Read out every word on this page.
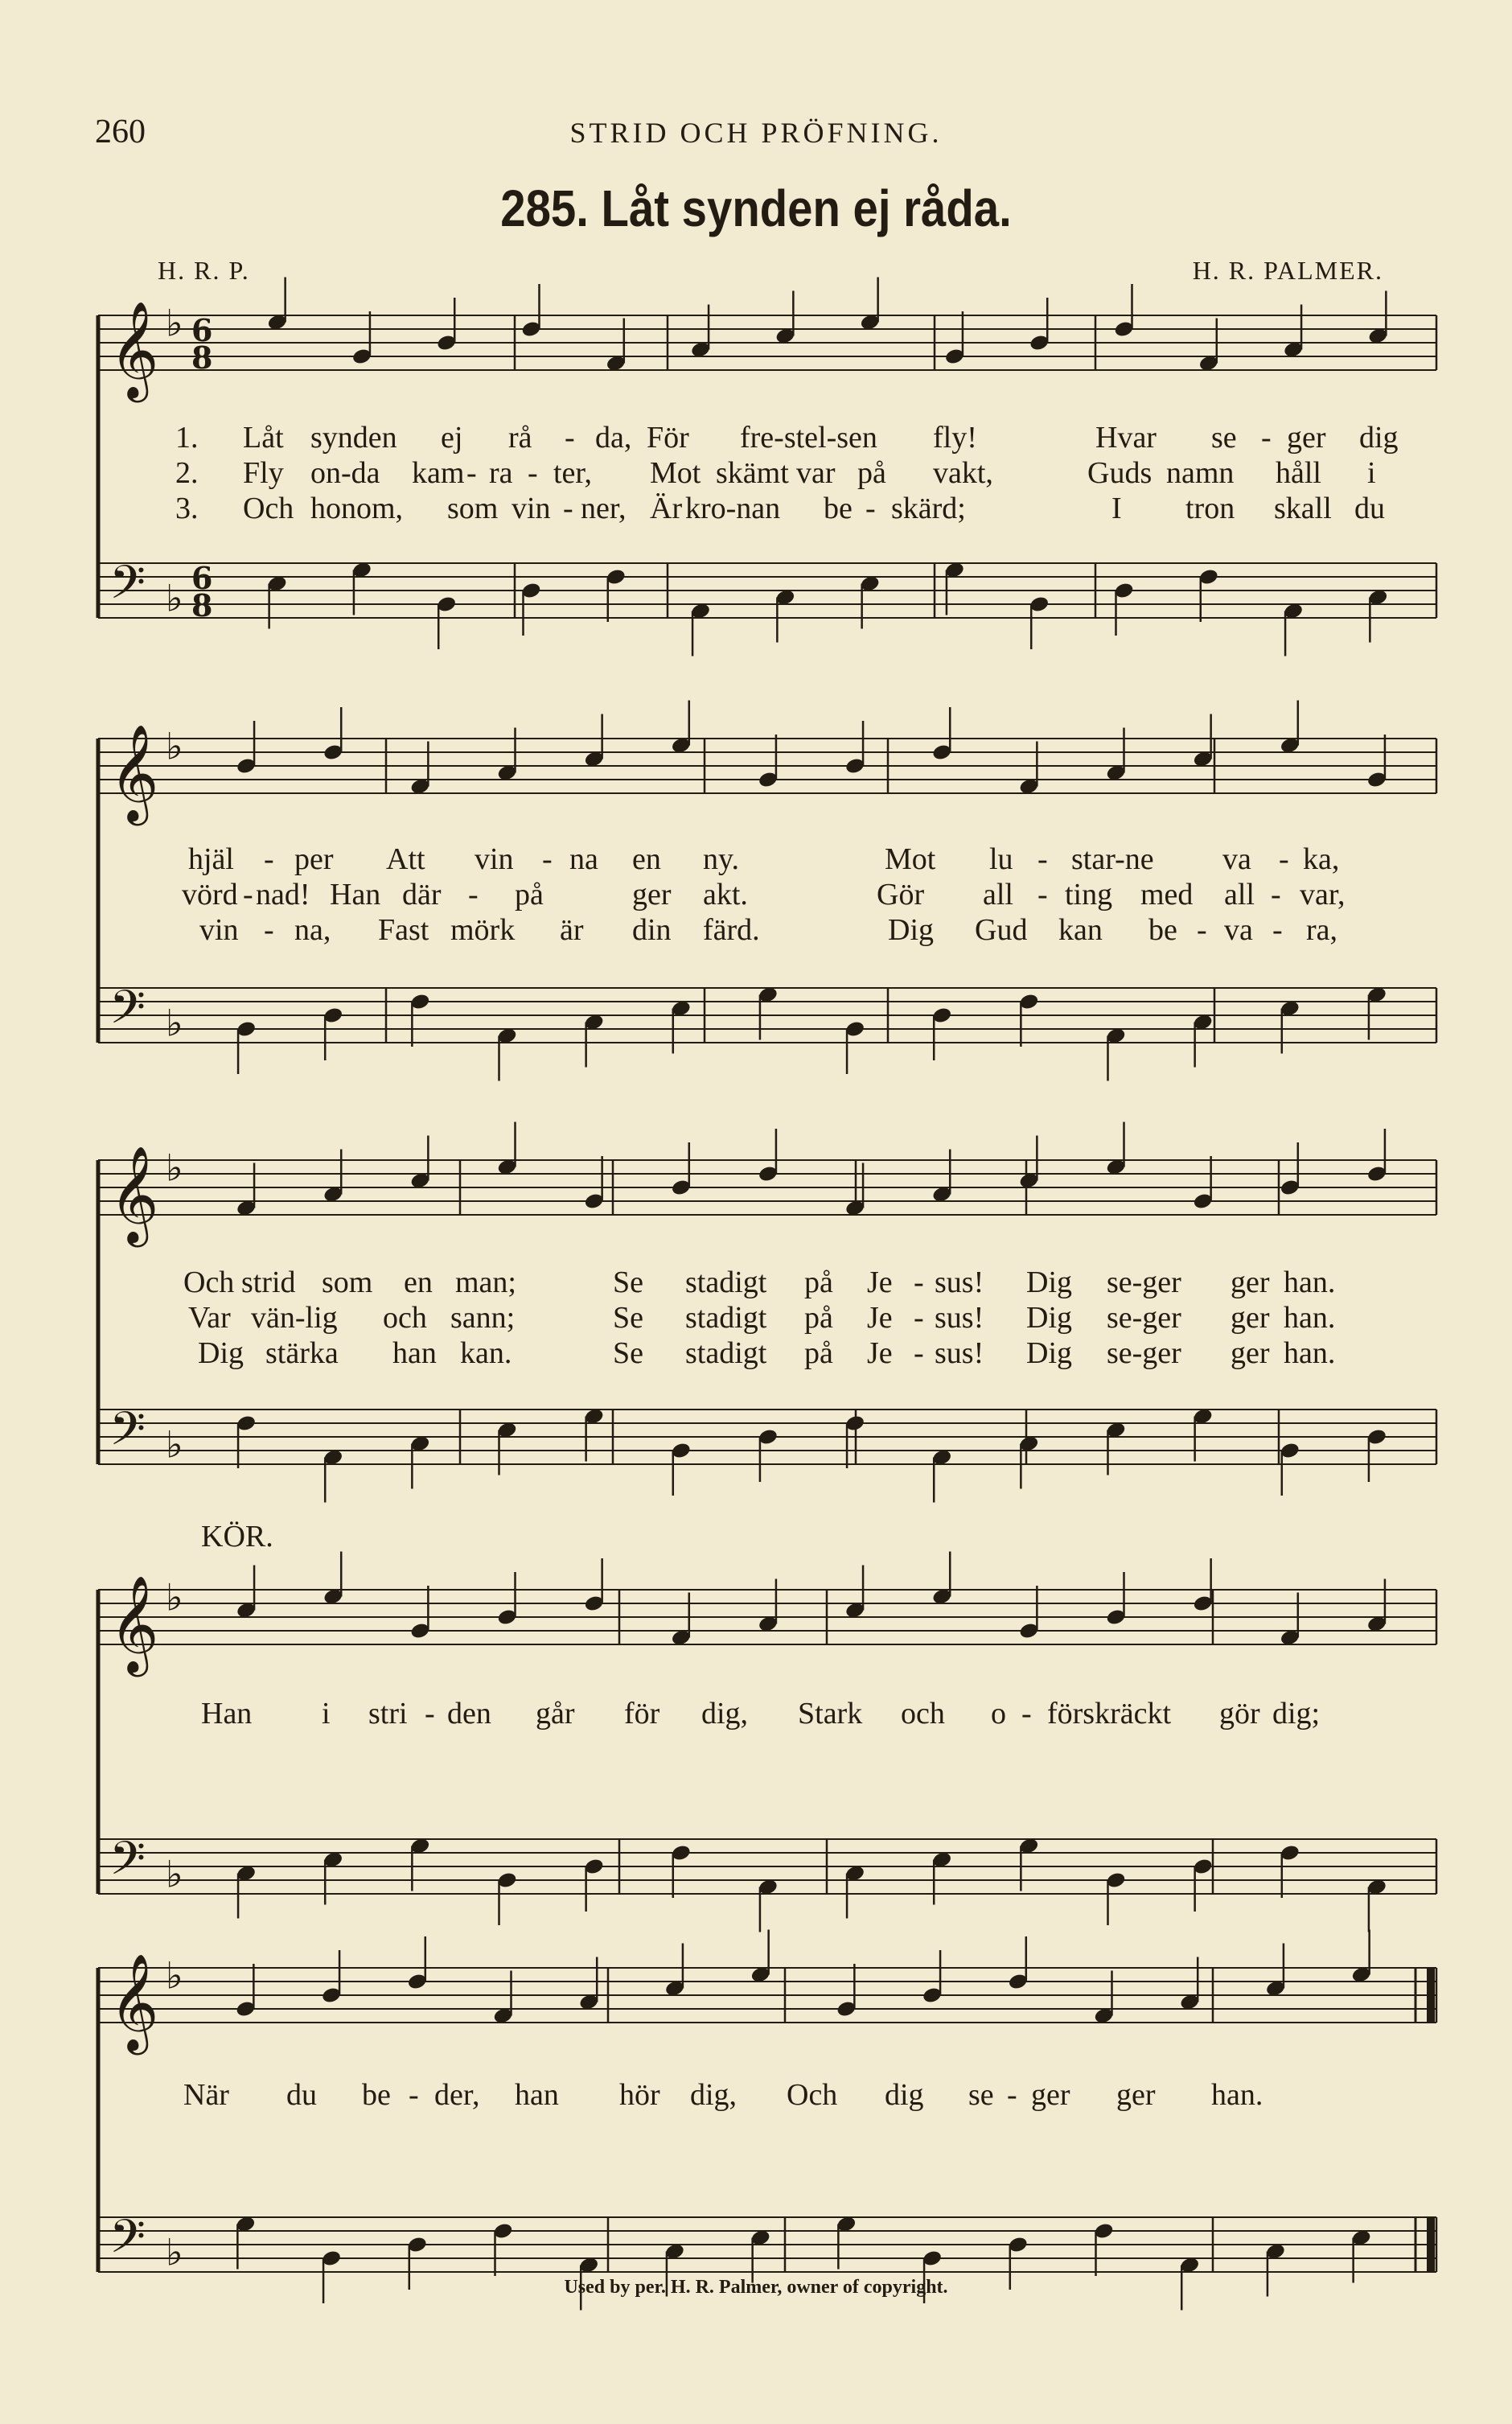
260	STRID OCH PRÖFNING.
285. Låt synden ej råda.
H. R. P.	H. R. PALMER.
𝄞 ♭ 6
8
𝄢 ♭ 6
8
𝄞 ♭
𝄢 ♭
𝄞 ♭
𝄢 ♭
𝄞 ♭
𝄢 ♭
𝄞 ♭
𝄢 ♭
KÖR.
1. Låt synden ej rå - da, För fre-stel-sen fly!	Hvar se - ger dig
2. Fly on-da kam - ra - ter, Mot skämt var på vakt,	Guds namn håll i
3. Och honom, som vin - ner, Är kro-nan be - skärd;	I tron skall du
hjäl - per Att vin - na en ny.	Mot lu - star-ne va - ka,
vörd - nad! Han där - på	ger akt.	Gör all - ting med all - var,
vin - na, Fast mörk är din färd.	Dig Gud kan be - va - ra,
Och strid som en man;	Se stadigt på Je - sus! Dig se-ger ger han.
Var vän-lig och sann;	Se stadigt på Je - sus! Dig se-ger ger han.
Dig stärka han kan.	Se stadigt på Je - sus! Dig se-ger ger han.
Han i stri - den går för dig, Stark och o - förskräckt gör dig;
När du be - der, han hör dig, Och dig se - ger ger han.
Used by per. H. R. Palmer, owner of copyright.
